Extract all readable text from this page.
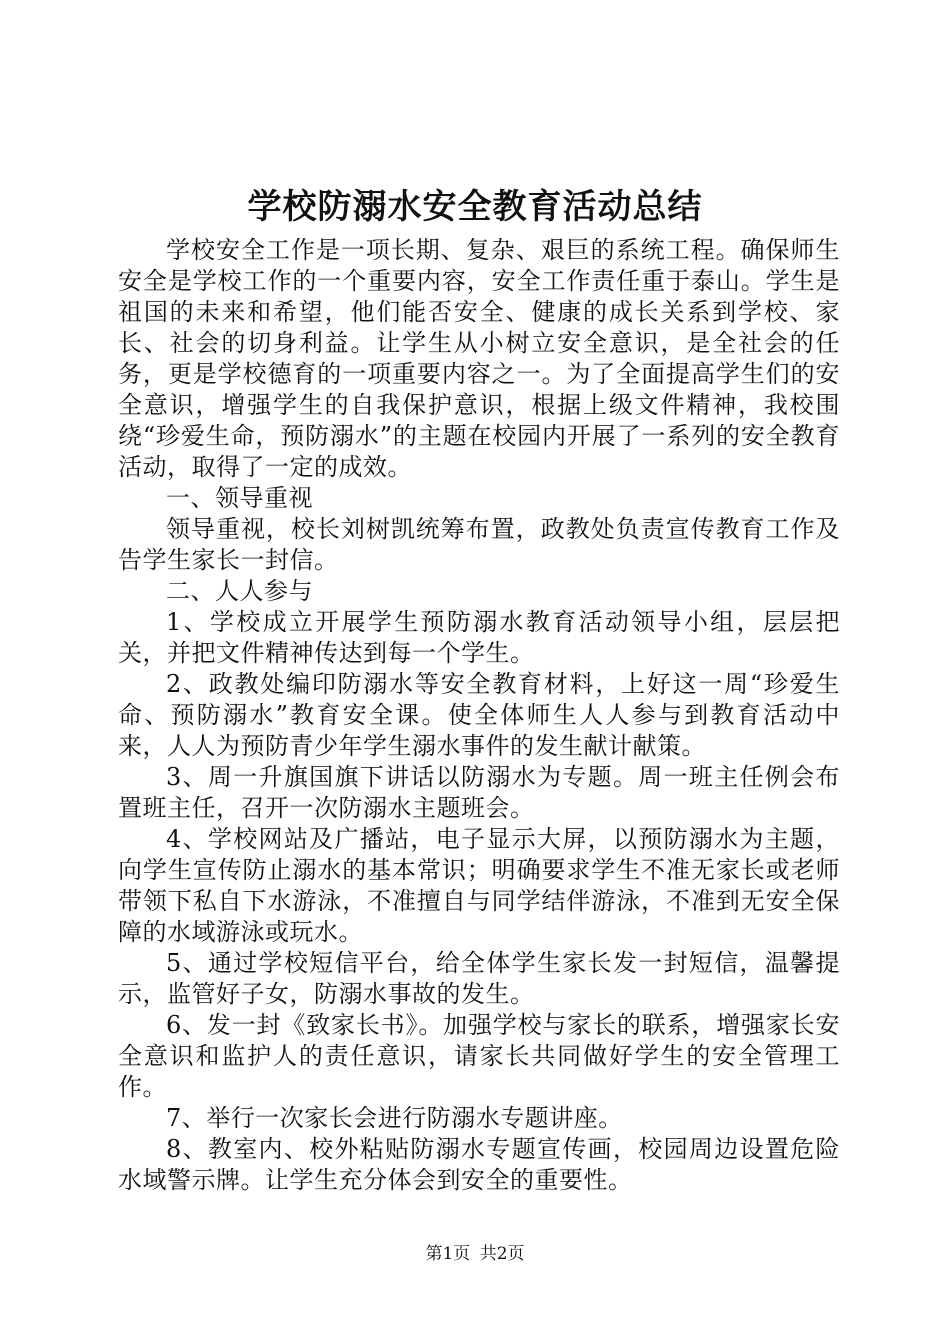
学校防溺水安全教育活动总结

学校安全工作是一项长期、复杂、艰巨的系统工程。确保师生安全是学校工作的一个重要内容，安全工作责任重于泰山。学生是祖国的未来和希望，他们能否安全、健康的成长关系到学校、家长、社会的切身利益。让学生从小树立安全意识，是全社会的任务，更是学校德育的一项重要内容之一。为了全面提高学生们的安全意识，增强学生的自我保护意识，根据上级文件精神，我校围绕“珍爱生命，预防溺水”的主题在校园内开展了一系列的安全教育活动，取得了一定的成效。

一、领导重视

领导重视，校长刘树凯统筹布置，政教处负责宣传教育工作及告学生家长一封信。

二、人人参与

1、学校成立开展学生预防溺水教育活动领导小组，层层把关，并把文件精神传达到每一个学生。

2、政教处编印防溺水等安全教育材料，上好这一周“珍爱生命、预防溺水”教育安全课。使全体师生人人参与到教育活动中来，人人为预防青少年学生溺水事件的发生献计献策。

3、周一升旗国旗下讲话以防溺水为专题。周一班主任例会布置班主任，召开一次防溺水主题班会。

4、学校网站及广播站，电子显示大屏，以预防溺水为主题，向学生宣传防止溺水的基本常识；明确要求学生不准无家长或老师带领下私自下水游泳，不准擅自与同学结伴游泳，不准到无安全保障的水域游泳或玩水。

5、通过学校短信平台，给全体学生家长发一封短信，温馨提示，监管好子女，防溺水事故的发生。

6、发一封《致家长书》。加强学校与家长的联系，增强家长安全意识和监护人的责任意识，请家长共同做好学生的安全管理工作。

7、举行一次家长会进行防溺水专题讲座。

8、教室内、校外粘贴防溺水专题宣传画，校园周边设置危险水域警示牌。让学生充分体会到安全的重要性。

第1页 共2页
